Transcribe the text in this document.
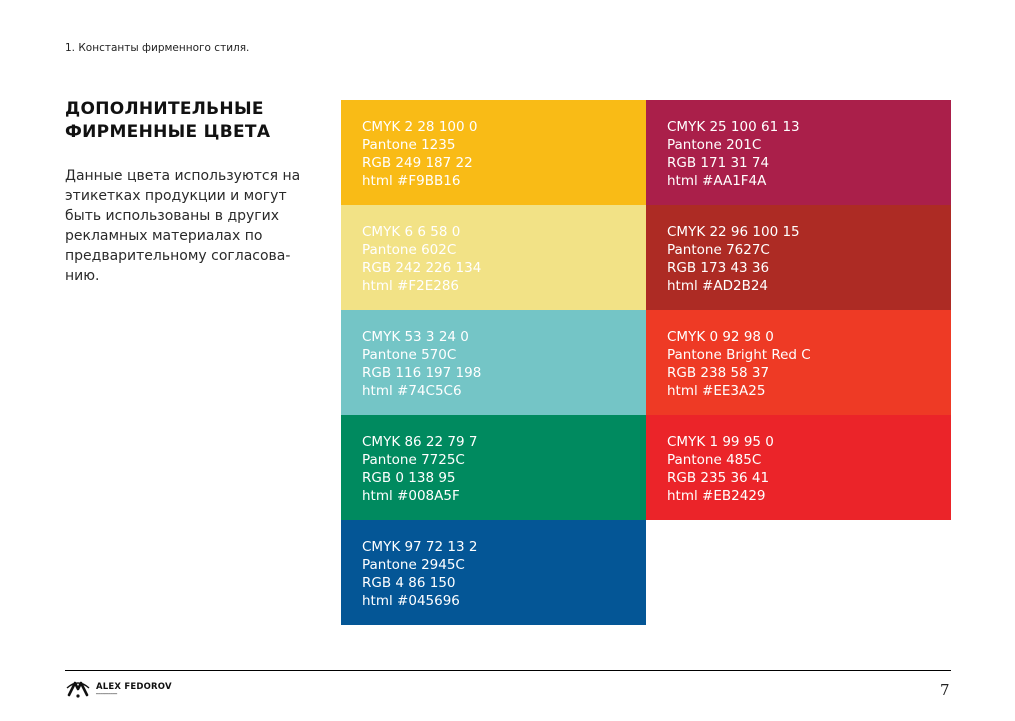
1. Константы фирменного стиля.
ДОПОЛНИТЕЛЬНЫЕ
ФИРМЕННЫЕ ЦВЕТА
Данные цвета используются на этикетках продукции и могут быть использованы в других рекламных материалах по предварительному согласова-нию.
CMYK 2 28 100 0
Pantone 1235
RGB 249 187 22
html #F9BB16
CMYK 25 100 61 13
Pantone 201C
RGB 171 31 74
html #AA1F4A
CMYK 6 6 58 0
Pantone 602C
RGB 242 226 134
html #F2E286
CMYK 22 96 100 15
Pantone 7627C
RGB 173 43 36
html #AD2B24
CMYK 53 3 24 0
Pantone 570C
RGB 116 197 198
html #74C5C6
CMYK 0 92 98 0
Pantone Bright Red C
RGB 238 58 37
html #EE3A25
CMYK 86 22 79 7
Pantone 7725C
RGB 0 138 95
html #008A5F
CMYK 1 99 95 0
Pantone 485C
RGB 235 36 41
html #EB2429
CMYK 97 72 13 2
Pantone 2945C
RGB 4 86 150
html #045696
ALEX FEDOROV
━━━━━━━━━━	7
